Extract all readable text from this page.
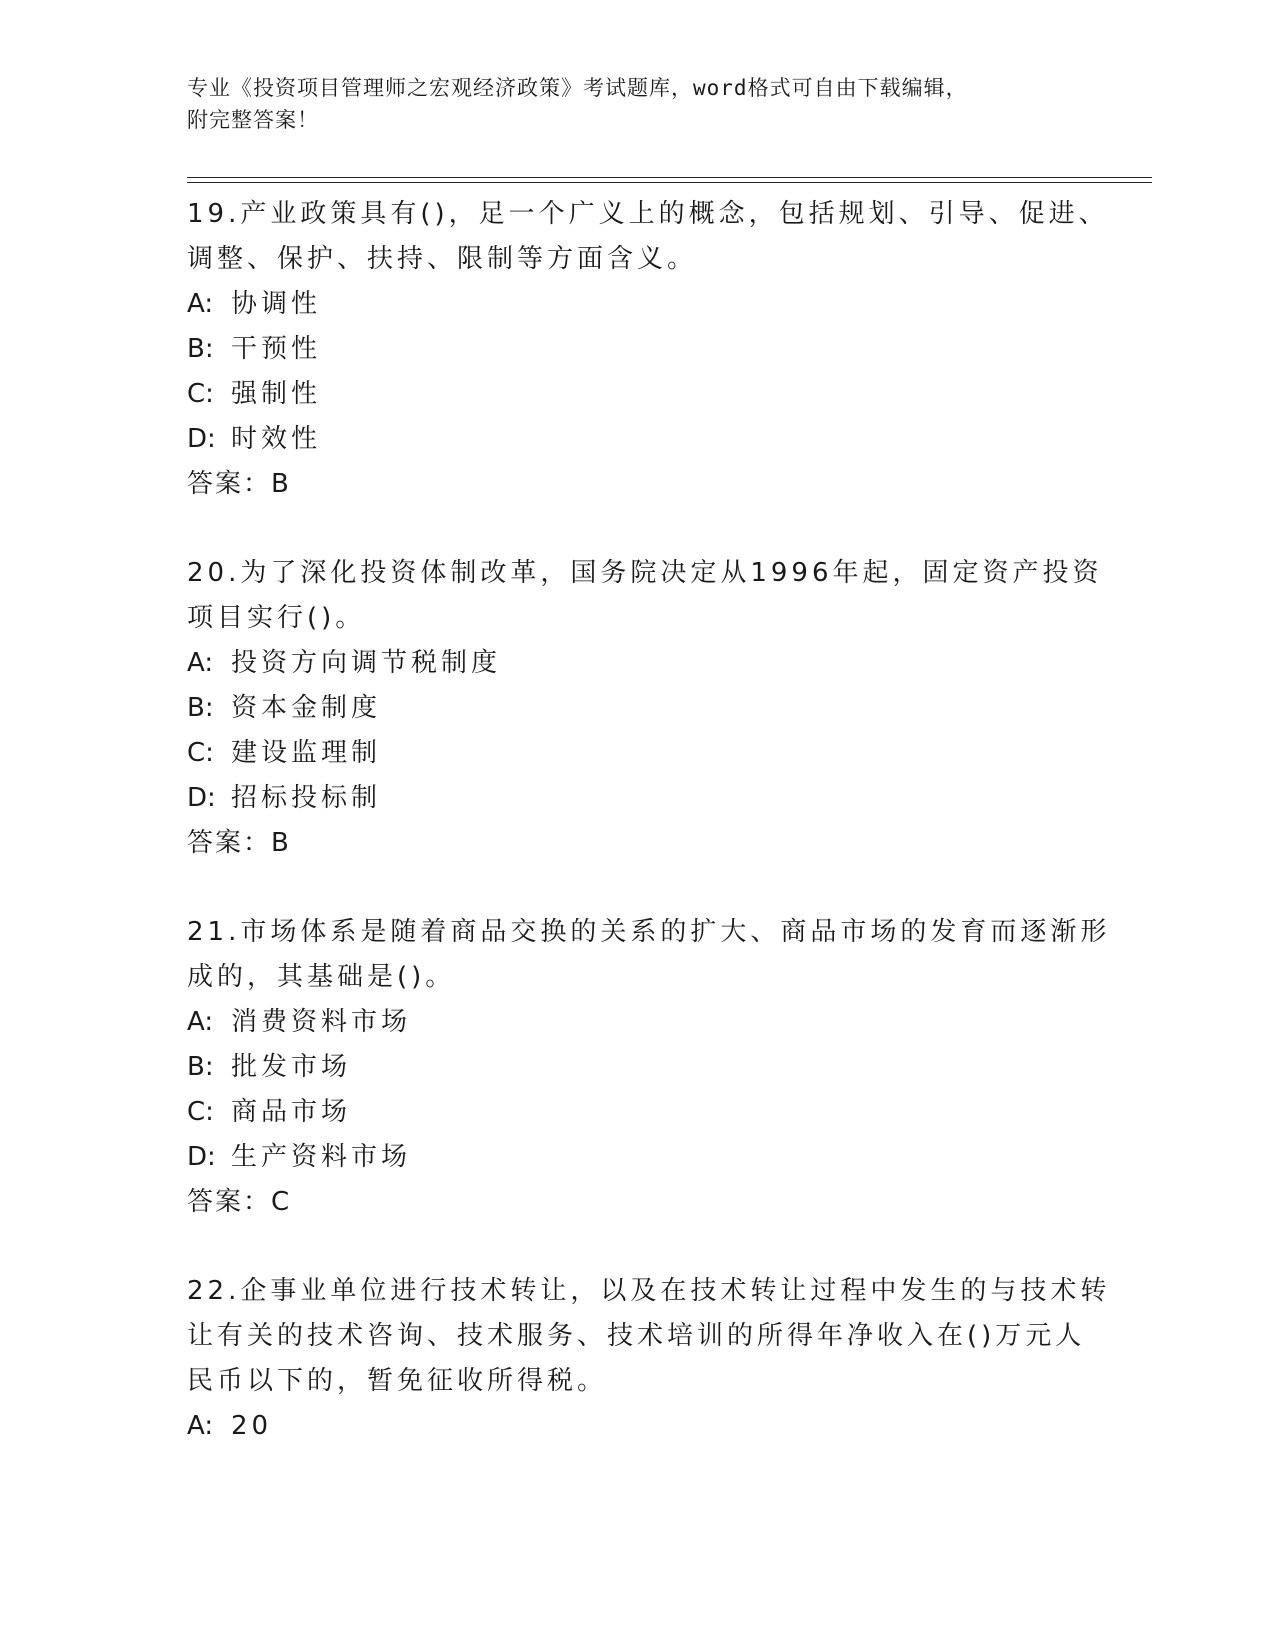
专业《投资项目管理师之宏观经济政策》考试题库，word格式可自由下载编辑，
附完整答案！
19.产业政策具有()，足一个广义上的概念，包括规划、引导、促进、
调整、保护、扶持、限制等方面含义。
A: 协调性
B: 干预性
C: 强制性
D: 时效性
答案：B
20.为了深化投资体制改革，国务院决定从1996年起，固定资产投资
项目实行()。
A: 投资方向调节税制度
B: 资本金制度
C: 建设监理制
D: 招标投标制
答案：B
21.市场体系是随着商品交换的关系的扩大、商品市场的发育而逐渐形
成的，其基础是()。
A: 消费资料市场
B: 批发市场
C: 商品市场
D: 生产资料市场
答案：C
22.企事业单位进行技术转让，以及在技术转让过程中发生的与技术转
让有关的技术咨询、技术服务、技术培训的所得年净收入在()万元人
民币以下的，暂免征收所得税。
A: 20
